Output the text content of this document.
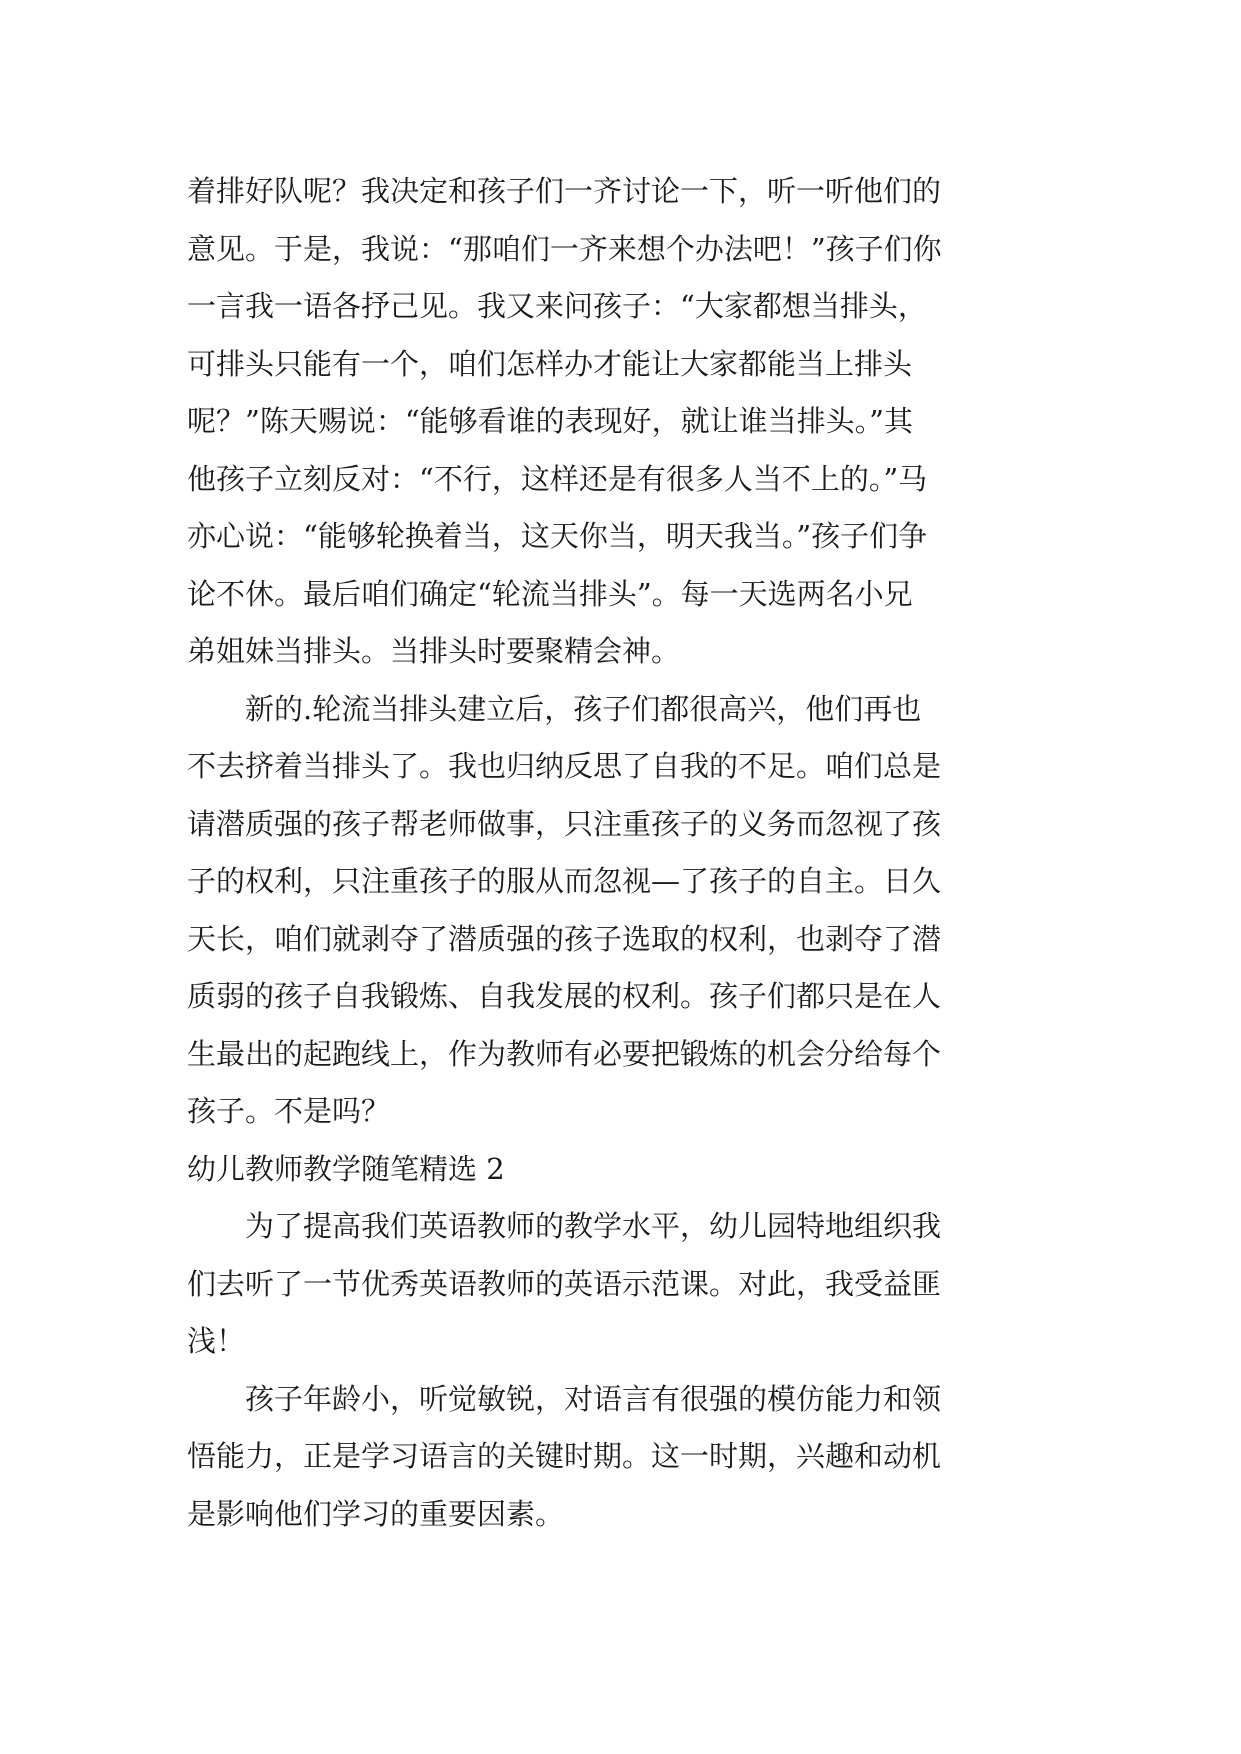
着排好队呢？我决定和孩子们一齐讨论一下，听一听他们的
意见。于是，我说：“那咱们一齐来想个办法吧！”孩子们你
一言我一语各抒己见。我又来问孩子：“大家都想当排头，
可排头只能有一个，咱们怎样办才能让大家都能当上排头
呢？”陈天赐说：“能够看谁的表现好，就让谁当排头。”其
他孩子立刻反对：“不行，这样还是有很多人当不上的。”马
亦心说：“能够轮换着当，这天你当，明天我当。”孩子们争
论不休。最后咱们确定“轮流当排头”。每一天选两名小兄
弟姐妹当排头。当排头时要聚精会神。
　　新的.轮流当排头建立后，孩子们都很高兴，他们再也
不去挤着当排头了。我也归纳反思了自我的不足。咱们总是
请潜质强的孩子帮老师做事，只注重孩子的义务而忽视了孩
子的权利，只注重孩子的服从而忽视—了孩子的自主。日久
天长，咱们就剥夺了潜质强的孩子选取的权利，也剥夺了潜
质弱的孩子自我锻炼、自我发展的权利。孩子们都只是在人
生最出的起跑线上，作为教师有必要把锻炼的机会分给每个
孩子。不是吗？
幼儿教师教学随笔精选 2
　　为了提高我们英语教师的教学水平，幼儿园特地组织我
们去听了一节优秀英语教师的英语示范课。对此，我受益匪
浅！
　　孩子年龄小，听觉敏锐，对语言有很强的模仿能力和领
悟能力，正是学习语言的关键时期。这一时期，兴趣和动机
是影响他们学习的重要因素。
